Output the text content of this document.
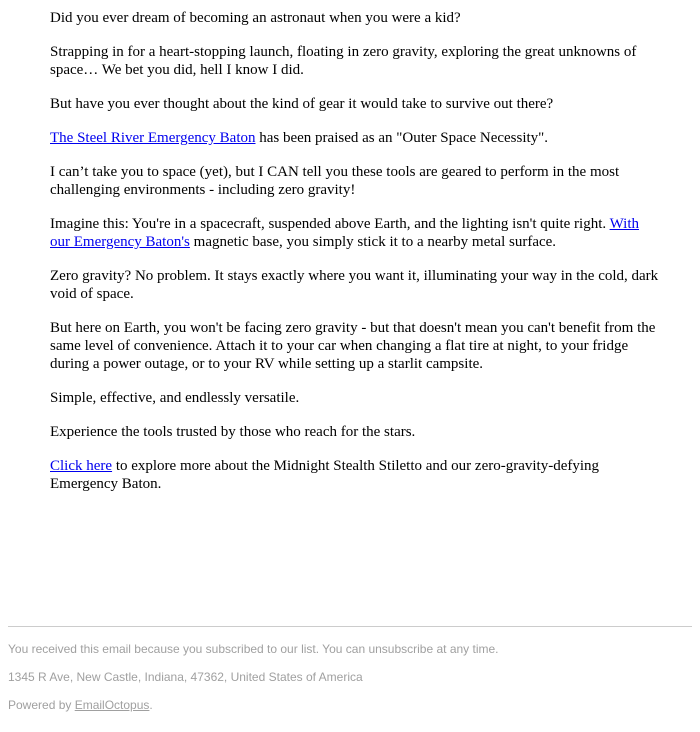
Did you ever dream of becoming an astronaut when you were a kid?

Strapping in for a heart-stopping launch, floating in zero gravity, exploring the great unknowns of space… We bet you did, hell I know I did.

But have you ever thought about the kind of gear it would take to survive out there?

The Steel River Emergency Baton has been praised as an "Outer Space Necessity".

I can’t take you to space (yet), but I CAN tell you these tools are geared to perform in the most challenging environments - including zero gravity!

Imagine this: You're in a spacecraft, suspended above Earth, and the lighting isn't quite right. With our Emergency Baton's magnetic base, you simply stick it to a nearby metal surface.

Zero gravity? No problem. It stays exactly where you want it, illuminating your way in the cold, dark void of space.

But here on Earth, you won't be facing zero gravity - but that doesn't mean you can't benefit from the same level of convenience. Attach it to your car when changing a flat tire at night, to your fridge during a power outage, or to your RV while setting up a starlit campsite.

Simple, effective, and endlessly versatile.

Experience the tools trusted by those who reach for the stars.

Click here to explore more about the Midnight Stealth Stiletto and our zero-gravity-defying Emergency Baton.

You received this email because you subscribed to our list. You can unsubscribe at any time.

1345 R Ave, New Castle, Indiana, 47362, United States of America

Powered by EmailOctopus.
